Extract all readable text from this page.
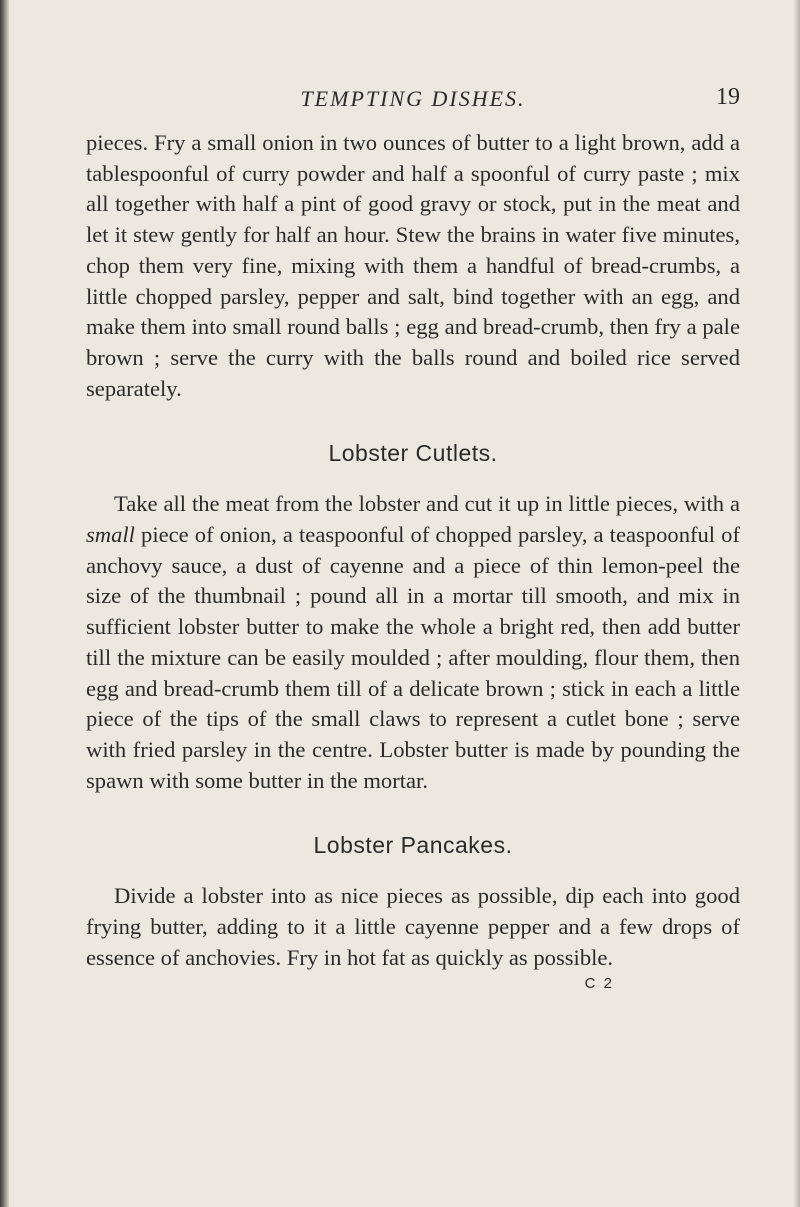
TEMPTING DISHES.	19

pieces. Fry a small onion in two ounces of butter to a light brown, add a tablespoonful of curry powder and half a spoonful of curry paste ; mix all together with half a pint of good gravy or stock, put in the meat and let it stew gently for half an hour. Stew the brains in water five minutes, chop them very fine, mixing with them a handful of bread-crumbs, a little chopped parsley, pepper and salt, bind together with an egg, and make them into small round balls ; egg and bread-crumb, then fry a pale brown ; serve the curry with the balls round and boiled rice served separately.

Lobster Cutlets.

Take all the meat from the lobster and cut it up in little pieces, with a small piece of onion, a teaspoonful of chopped parsley, a teaspoonful of anchovy sauce, a dust of cayenne and a piece of thin lemon-peel the size of the thumbnail ; pound all in a mortar till smooth, and mix in sufficient lobster butter to make the whole a bright red, then add butter till the mixture can be easily moulded ; after moulding, flour them, then egg and bread-crumb them till of a delicate brown ; stick in each a little piece of the tips of the small claws to represent a cutlet bone ; serve with fried parsley in the centre. Lobster butter is made by pounding the spawn with some butter in the mortar.

Lobster Pancakes.

Divide a lobster into as nice pieces as possible, dip each into good frying butter, adding to it a little cayenne pepper and a few drops of essence of anchovies. Fry in hot fat as quickly as possible.

C 2
